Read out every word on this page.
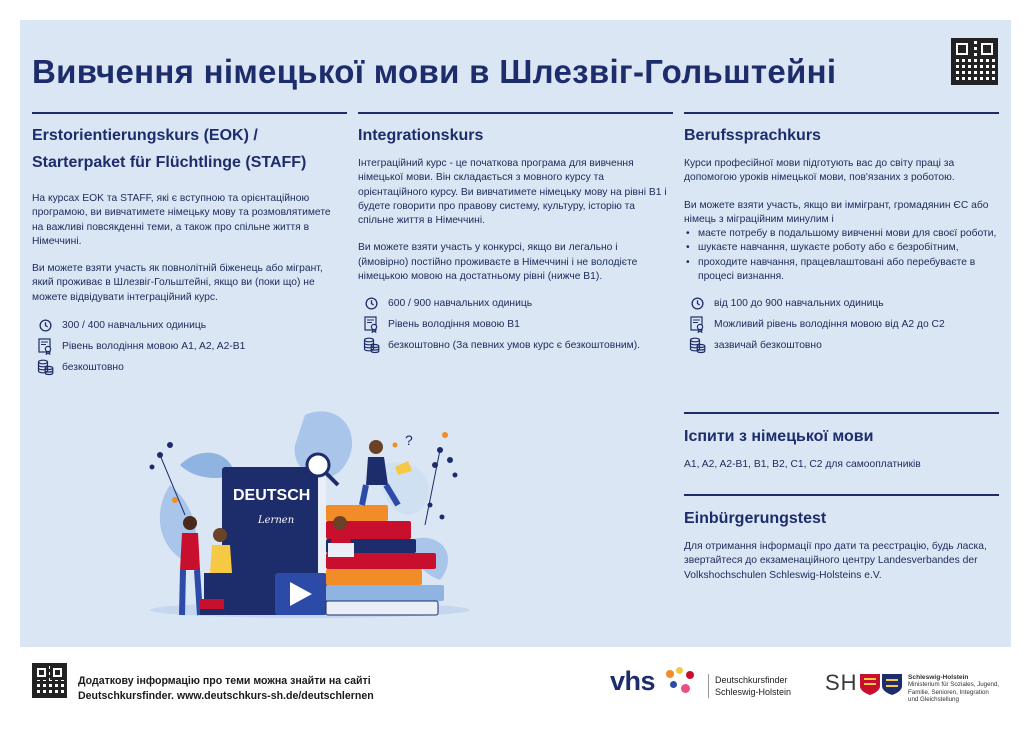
Вивчення німецької мови в Шлезвіг-Гольштейні
Erstorientierungskurs (EOK) /
Starterpaket für Flüchtlinge (STAFF)

На курсах EOK та STAFF, які є вступною та орієнтаційною програмою, ви вивчатимете німецьку мову та розмовлятимете на важливі повсякденні теми, а також про спільне життя в Німеччині.

Ви можете взяти участь як повнолітній біженець або мігрант, який проживає в Шлезвіг-Гольштейні, якщо ви (поки що) не можете відвідувати інтеграційний курс.

300 / 400 навчальних одиниць
Рівень володіння мовою A1, A2, A2-B1
безкоштовно
Integrationskurs

Інтеграційний курс - це початкова програма для вивчення німецької мови. Він складається з мовного курсу та орієнтаційного курсу. Ви вивчатимете німецьку мову на рівні B1 і будете говорити про правову систему, культуру, історію та спільне життя в Німеччині.

Ви можете взяти участь у конкурсі, якщо ви легально і (ймовірно) постійно проживаєте в Німеччині і не володієте німецькою мовою на достатньому рівні (нижче B1).

600 / 900 навчальних одиниць
Рівень володіння мовою B1
безкоштовно (За певних умов курс є безкоштовним).
Berufssprachkurs

Курси професійної мови підготують вас до світу праці за допомогою уроків німецької мови, пов'язаних з роботою.

Ви можете взяти участь, якщо ви іммігрант, громадянин ЄС або німець з міграційним минулим і

• маєте потребу в подальшому вивченні мови для своєї роботи,
• шукаєте навчання, шукаєте роботу або є безробітним,
• проходите навчання, працевлаштовані або перебуваєте в процесі визнання.
від 100 до 900 навчальних одиниць
Можливий рівень володіння мовою від A2 до C2
зазвичай безкоштовно
Іспити з німецької мови

A1, A2, A2-B1, B1, B2, C1, C2 для самооплатників

Einbürgerungstest

Для отримання інформації про дати та реєстрацію, будь ласка, звертайтеся до екзаменаційного центру Landesverbandes der Volkshochschulen Schleswig-Holsteins e.V.

DEUTSCH
Lernen
?
Додаткову інформацію про теми можна знайти на сайті
Deutschkursfinder. www.deutschkurs-sh.de/deutschlernen	vhs	Deutschkursfinder
Schleswig-Holstein SH	Schleswig-Holstein
Ministerium für Soziales, Jugend,
Familie, Senioren, Integration
und Gleichstellung
